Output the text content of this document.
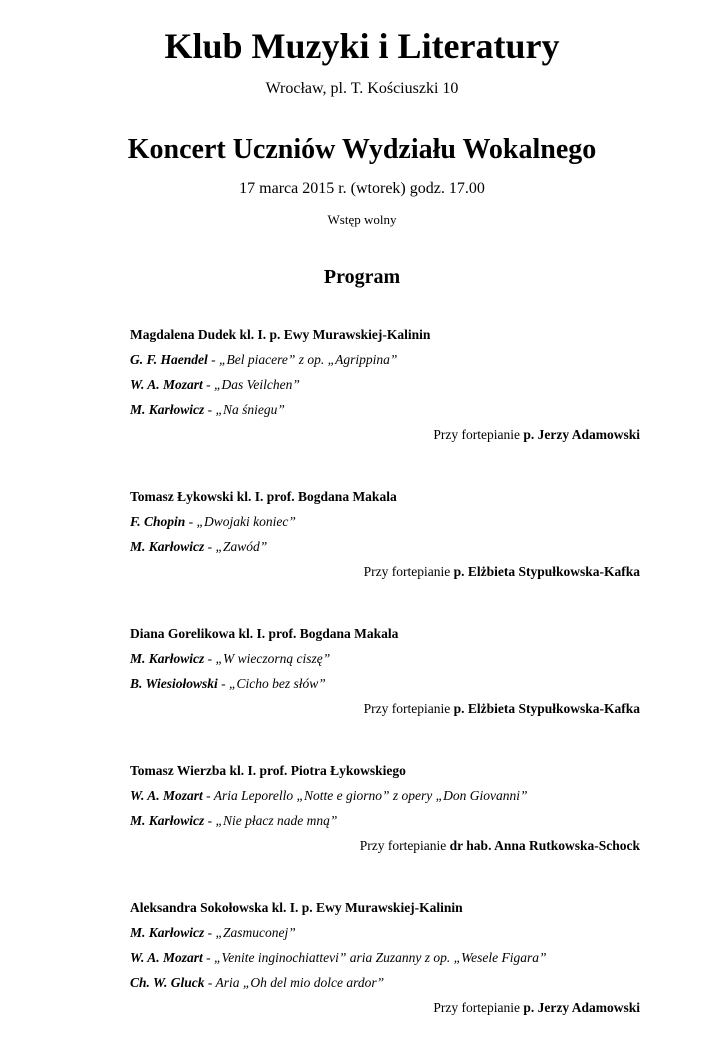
Klub Muzyki i Literatury
Wrocław, pl. T. Kościuszki 10
Koncert Uczniów Wydziału Wokalnego
17 marca 2015 r. (wtorek) godz. 17.00
Wstęp wolny
Program
Magdalena Dudek kl. I. p. Ewy Murawskiej-Kalinin
G. F. Haendel - „Bel piacere” z op. „Agrippina”
W. A. Mozart - „Das Veilchen”
M. Karłowicz - „Na śniegu”
Przy fortepianie p. Jerzy Adamowski
Tomasz Łykowski kl. I. prof. Bogdana Makala
F. Chopin - „Dwojaki koniec”
M. Karłowicz - „Zawód”
Przy fortepianie p. Elżbieta Stypułkowska-Kafka
Diana Gorelikowa kl. I. prof. Bogdana Makala
M. Karłowicz - „W wieczorną ciszę”
B. Wiesiołowski - „Cicho bez słów”
Przy fortepianie p. Elżbieta Stypułkowska-Kafka
Tomasz Wierzba kl. I. prof. Piotra Łykowskiego
W. A. Mozart - Aria Leporello „Notte e giorno” z opery „Don Giovanni”
M. Karłowicz - „Nie płacz nade mną”
Przy fortepianie dr hab. Anna Rutkowska-Schock
Aleksandra Sokołowska kl. I. p. Ewy Murawskiej-Kalinin
M. Karłowicz - „Zasmuconej”
W. A. Mozart - „Venite inginochiattevi” aria Zuzanny z op. „Wesele Figara”
Ch. W. Gluck - Aria „Oh del mio dolce ardor”
Przy fortepianie p. Jerzy Adamowski
